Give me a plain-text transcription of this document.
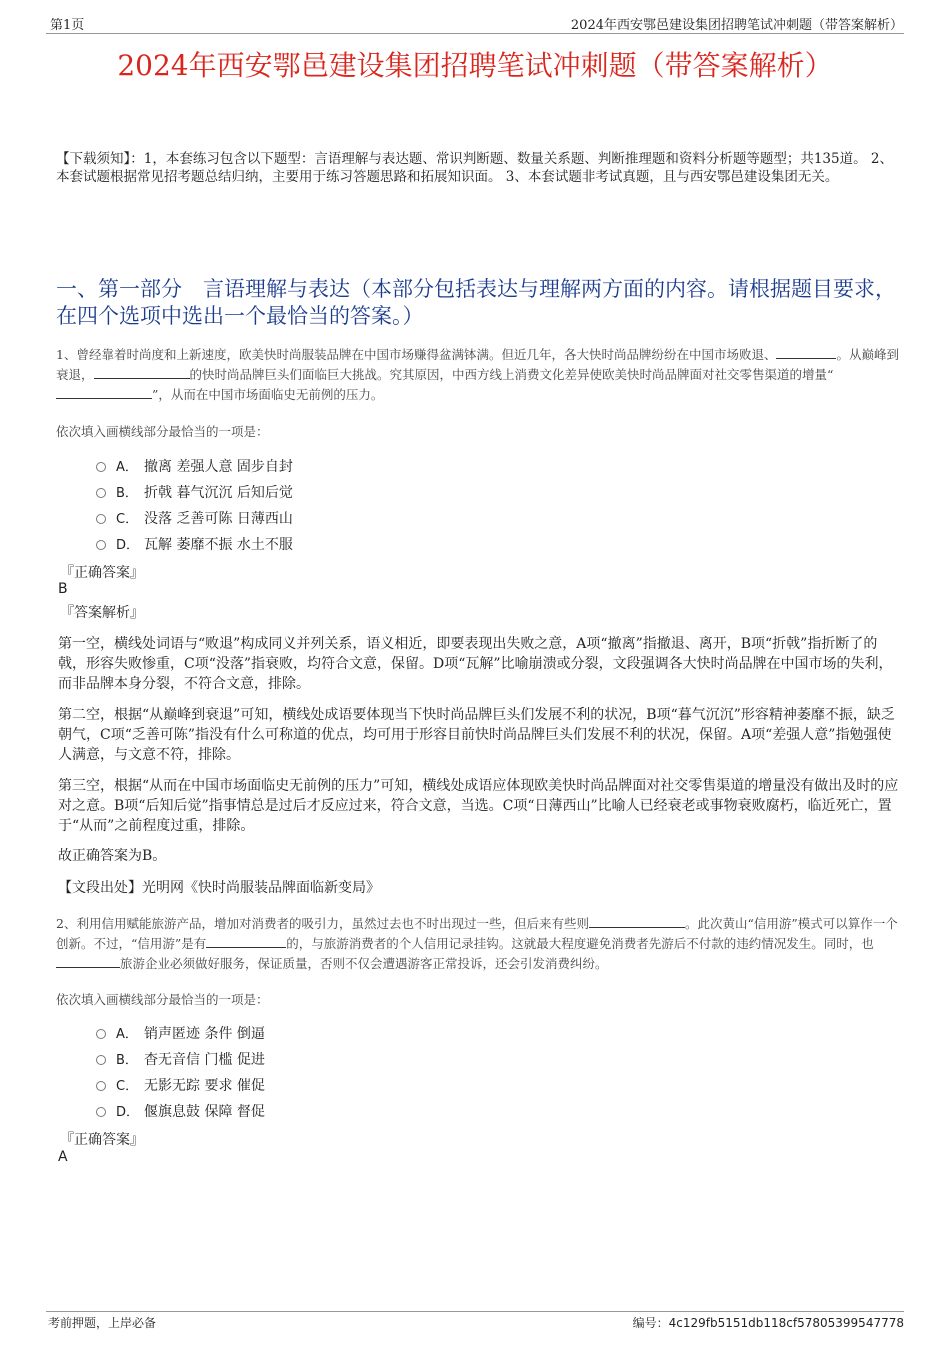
第1页	2024年西安鄂邑建设集团招聘笔试冲刺题（带答案解析）
2024年西安鄂邑建设集团招聘笔试冲刺题（带答案解析）
【下载须知】：1，本套练习包含以下题型：言语理解与表达题、常识判断题、数量关系题、判断推理题和资料分析题等题型；共135道。 2、本套试题根据常见招考题总结归纳，主要用于练习答题思路和拓展知识面。 3、本套试题非考试真题，且与西安鄂邑建设集团无关。
一、第一部分　言语理解与表达（本部分包括表达与理解两方面的内容。请根据题目要求，在四个选项中选出一个最恰当的答案。）
1、曾经靠着时尚度和上新速度，欧美快时尚服装品牌在中国市场赚得盆满钵满。但近几年，各大快时尚品牌纷纷在中国市场败退、	。从巅峰到衰退，	的快时尚品牌巨头们面临巨大挑战。究其原因，中西方线上消费文化差异使欧美快时尚品牌面对社交零售渠道的增量“”，从而在中国市场面临史无前例的压力。
依次填入画横线部分最恰当的一项是：
A． 撤离 差强人意 固步自封
B． 折戟 暮气沉沉 后知后觉
C． 没落 乏善可陈 日薄西山
D． 瓦解 萎靡不振 水土不服
『正确答案』
B
『答案解析』
第一空，横线处词语与“败退”构成同义并列关系，语义相近，即要表现出失败之意，A项“撤离”指撤退、离开，B项“折戟”指折断了的戟，形容失败惨重，C项“没落”指衰败，均符合文意，保留。D项“瓦解”比喻崩溃或分裂，文段强调各大快时尚品牌在中国市场的失利，而非品牌本身分裂，不符合文意，排除。
第二空，根据“从巅峰到衰退”可知，横线处成语要体现当下快时尚品牌巨头们发展不利的状况，B项“暮气沉沉”形容精神萎靡不振，缺乏朝气，C项“乏善可陈”指没有什么可称道的优点，均可用于形容目前快时尚品牌巨头们发展不利的状况，保留。A项“差强人意”指勉强使人满意，与文意不符，排除。
第三空，根据“从而在中国市场面临史无前例的压力”可知，横线处成语应体现欧美快时尚品牌面对社交零售渠道的增量没有做出及时的应对之意。B项“后知后觉”指事情总是过后才反应过来，符合文意，当选。C项“日薄西山”比喻人已经衰老或事物衰败腐朽，临近死亡，置于“从而”之前程度过重，排除。
故正确答案为B。
【文段出处】光明网《快时尚服装品牌面临新变局》
2、利用信用赋能旅游产品，增加对消费者的吸引力，虽然过去也不时出现过一些，但后来有些则	。此次黄山“信用游”模式可以算作一个创新。不过，“信用游”是有	的，与旅游消费者的个人信用记录挂钩。这就最大程度避免消费者先游后不付款的违约情况发生。同时，也旅游企业必须做好服务，保证质量，否则不仅会遭遇游客正常投诉，还会引发消费纠纷。
依次填入画横线部分最恰当的一项是：
A． 销声匿迹 条件 倒逼
B． 杳无音信 门槛 促进
C． 无影无踪 要求 催促
D． 偃旗息鼓 保障 督促
『正确答案』
A
考前押题，上岸必备	编号：4c129fb5151db118cf57805399547778
